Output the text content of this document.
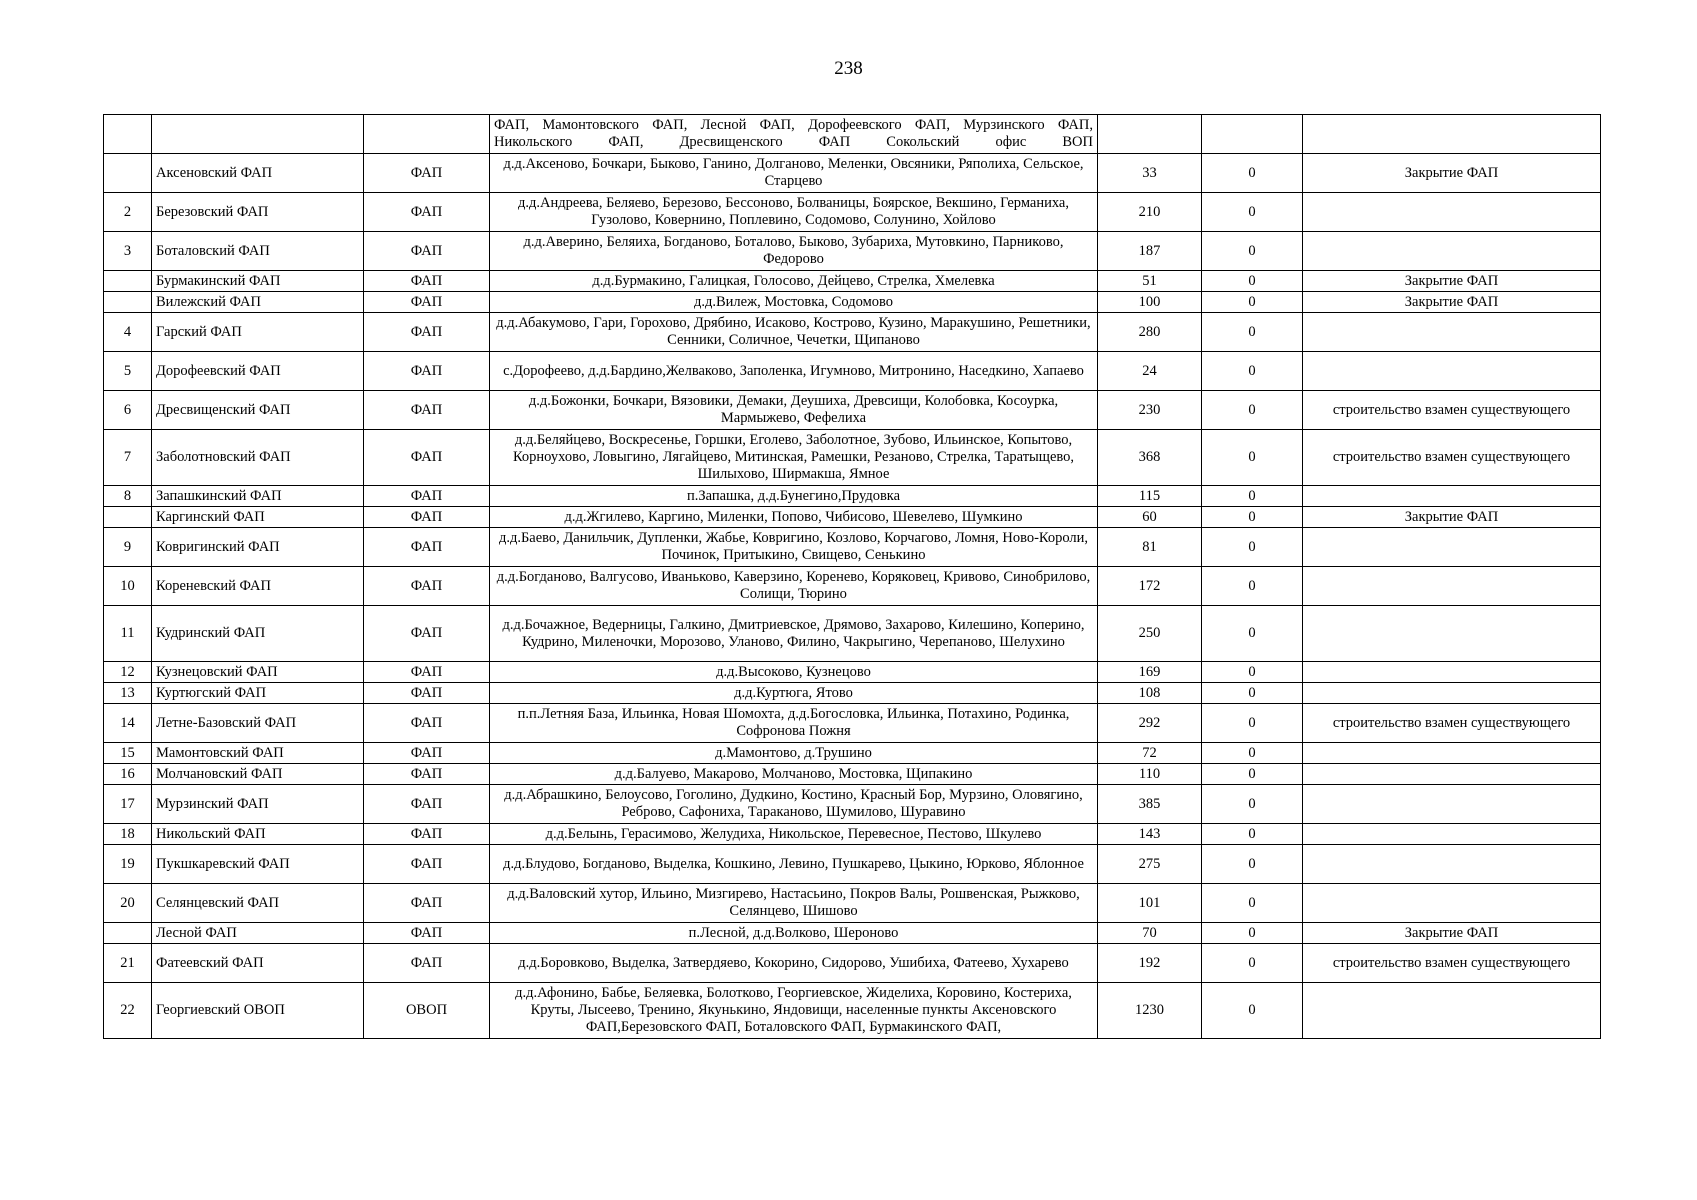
238
			ФАП, Мамонтовского ФАП, Лесной ФАП, Дорофеевского ФАП, Мурзинского ФАП, Никольского ФАП, Дресвищенского ФАП Сокольский офис ВОП			
	Аксеновский ФАП	ФАП	д.д.Аксеново, Бочкари, Быково, Ганино, Долганово, Меленки, Овсяники, Ряполиха, Сельское, Старцево	33	0	Закрытие ФАП
2	Березовский ФАП	ФАП	д.д.Андреева, Беляево, Березово, Бессоново, Болваницы, Боярское, Векшино, Германиха, Гузолово, Ковернино, Поплевино, Содомово, Солунино, Хойлово	210	0	
3	Боталовский ФАП	ФАП	д.д.Аверино, Беляиха, Богданово, Боталово, Быково, Зубариха, Мутовкино, Парниково, Федорово	187	0	
	Бурмакинский ФАП	ФАП	д.д.Бурмакино, Галицкая, Голосово, Дейцево, Стрелка, Хмелевка	51	0	Закрытие ФАП
	Вилежский ФАП	ФАП	д.д.Вилеж, Мостовка, Содомово	100	0	Закрытие ФАП
4	Гарский ФАП	ФАП	д.д.Абакумово, Гари, Горохово, Дрябино, Исаково, Кострово, Кузино, Маракушино, Решетники, Сенники, Соличное, Чечетки, Щипаново	280	0	
5	Дорофеевский ФАП	ФАП	с.Дорофеево, д.д.Бардино,Желваково, Заполенка, Игумново, Митронино, Наседкино, Хапаево	24	0	
6	Дресвищенский ФАП	ФАП	д.д.Божонки, Бочкари, Вязовики, Демаки, Деушиха, Древсищи, Колобовка, Косоурка, Мармыжево, Фефелиха	230	0	строительство взамен существующего
7	Заболотновский ФАП	ФАП	д.д.Беляйцево, Воскресенье, Горшки, Еголево, Заболотное, Зубово, Ильинское, Копытово, Корноухово, Ловыгино, Лягайцево, Митинская, Рамешки, Резаново, Стрелка, Таратыщево, Шилыхово, Ширмакша, Ямное	368	0	строительство взамен существующего
8	Запашкинский ФАП	ФАП	п.Запашка, д.д.Бунегино,Прудовка	115	0	
	Каргинский ФАП	ФАП	д.д.Жгилево, Каргино, Миленки, Попово, Чибисово, Шевелево, Шумкино	60	0	Закрытие ФАП
9	Ковригинский ФАП	ФАП	д.д.Баево, Данильчик, Дупленки, Жабье, Ковригино, Козлово, Корчагово, Ломня, Ново-Короли, Починок, Притыкино, Свищево, Сенькино	81	0	
10	Кореневский ФАП	ФАП	д.д.Богданово, Валгусово, Иваньково, Каверзино, Коренево, Коряковец, Кривово, Синобрилово, Солищи, Тюрино	172	0	
11	Кудринский ФАП	ФАП	д.д.Бочажное, Ведерницы, Галкино, Дмитриевское, Дрямово, Захарово, Килешино, Коперино, Кудрино, Миленочки, Морозово, Уланово, Филино, Чакрыгино, Черепаново, Шелухино	250	0	
12	Кузнецовский ФАП	ФАП	д.д.Высоково, Кузнецово	169	0	
13	Куртюгский ФАП	ФАП	д.д.Куртюга, Ятово	108	0	
14	Летне-Базовский ФАП	ФАП	п.п.Летняя База, Ильинка, Новая Шомохта, д.д.Богословка, Ильинка, Потахино, Родинка, Софронова Пожня	292	0	строительство взамен существующего
15	Мамонтовский ФАП	ФАП	д.Мамонтово, д.Трушино	72	0	
16	Молчановский ФАП	ФАП	д.д.Балуево, Макарово, Молчаново, Мостовка, Щипакино	110	0	
17	Мурзинский ФАП	ФАП	д.д.Абрашкино, Белоусово, Гоголино, Дудкино, Костино, Красный Бор, Мурзино, Оловягино, Реброво, Сафониха, Тараканово, Шумилово, Шуравино	385	0	
18	Никольский ФАП	ФАП	д.д.Белынь, Герасимово, Желудиха, Никольское, Перевесное, Пестово, Шкулево	143	0	
19	Пукшкаревский ФАП	ФАП	д.д.Блудово, Богданово, Выделка, Кошкино, Левино, Пушкарево, Цыкино, Юрково, Яблонное	275	0	
20	Селянцевский ФАП	ФАП	д.д.Валовский хутор, Ильино, Мизгирево, Настасьино, Покров Валы, Рошвенская, Рыжково, Селянцево, Шишово	101	0	
	Лесной ФАП	ФАП	п.Лесной, д.д.Волково, Шероново	70	0	Закрытие ФАП
21	Фатеевский ФАП	ФАП	д.д.Боровково, Выделка, Затвердяево, Кокорино, Сидорово, Ушибиха, Фатеево, Хухарево	192	0	строительство взамен существующего
22	Георгиевский ОВОП	ОВОП	д.д.Афонино, Бабье, Беляевка, Болотково, Георгиевское, Жиделиха, Коровино, Костериха, Круты, Лысеево, Тренино, Якунькино, Яндовищи, населенные пункты Аксеновского ФАП,Березовского ФАП, Боталовского ФАП, Бурмакинского ФАП,	1230	0	
